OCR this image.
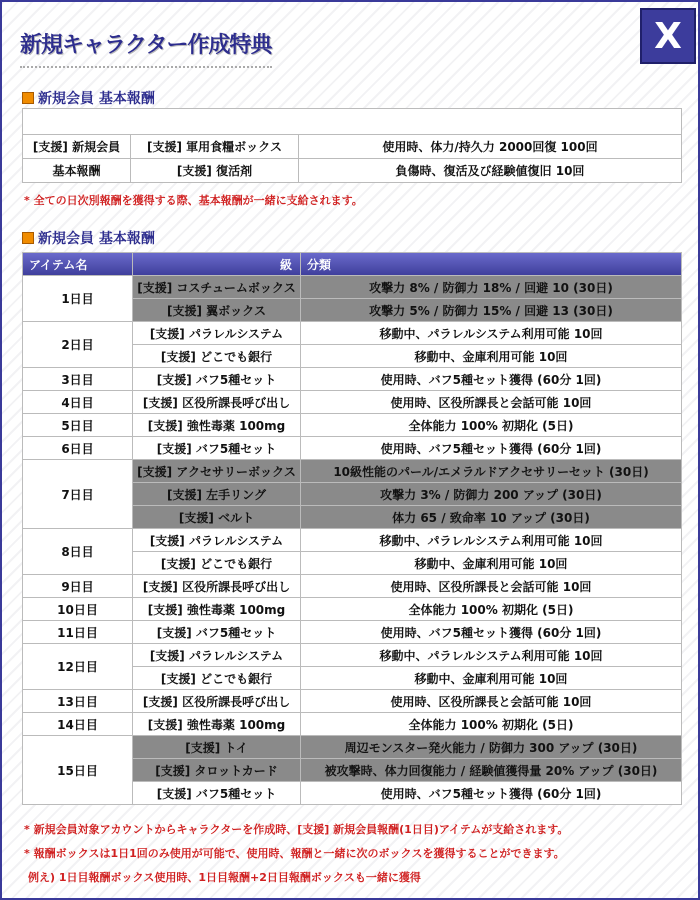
新規キャラクター作成特典	X
新規会員 基本報酬

[支援] 新規会員	[支援] 軍用食糧ボックス	使用時、体力/持久力 2000回復 100回
基本報酬	[支援] 復活剤	負傷時、復活及び経験値復旧 10回
* 全ての日次別報酬を獲得する際、基本報酬が一緒に支給されます。
新規会員 基本報酬
アイテム名	級	分類
1日目	[支援] コスチュームボックス	攻撃力 8% / 防御力 18% / 回避 10 (30日)
	[支援] 翼ボックス	攻撃力 5% / 防御力 15% / 回避 13 (30日)
2日目	[支援] パラレルシステム	移動中、パラレルシステム利用可能 10回
	[支援] どこでも銀行	移動中、金庫利用可能 10回
3日目	[支援] バフ5種セット	使用時、バフ5種セット獲得 (60分 1回)
4日目	[支援] 区役所課長呼び出し	使用時、区役所課長と会話可能 10回
5日目	[支援] 強性毒薬 100mg	全体能力 100% 初期化 (5日)
6日目	[支援] バフ5種セット	使用時、バフ5種セット獲得 (60分 1回)
7日目	[支援] アクセサリーボックス	10級性能のパール/エメラルドアクセサリーセット (30日)
	[支援] 左手リング	攻撃力 3% / 防御力 200 アップ (30日)
	[支援] ベルト	体力 65 / 致命率 10 アップ (30日)
8日目	[支援] パラレルシステム	移動中、パラレルシステム利用可能 10回
	[支援] どこでも銀行	移動中、金庫利用可能 10回
9日目	[支援] 区役所課長呼び出し	使用時、区役所課長と会話可能 10回
10日目	[支援] 強性毒薬 100mg	全体能力 100% 初期化 (5日)
11日目	[支援] バフ5種セット	使用時、バフ5種セット獲得 (60分 1回)
12日目	[支援] パラレルシステム	移動中、パラレルシステム利用可能 10回
	[支援] どこでも銀行	移動中、金庫利用可能 10回
13日目	[支援] 区役所課長呼び出し	使用時、区役所課長と会話可能 10回
14日目	[支援] 強性毒薬 100mg	全体能力 100% 初期化 (5日)
15日目	[支援] トイ	周辺モンスター発火能力 / 防御力 300 アップ (30日)
	[支援] タロットカード	被攻撃時、体力回復能力 / 経験値獲得量 20% アップ (30日)
	[支援] バフ5種セット	使用時、バフ5種セット獲得 (60分 1回)
* 新規会員対象アカウントからキャラクターを作成時、[支援] 新規会員報酬(1日目)アイテムが支給されます。
* 報酬ボックスは1日1回のみ使用が可能で、使用時、報酬と一緒に次のボックスを獲得することができます。
例え) 1日目報酬ボックス使用時、1日目報酬+2日目報酬ボックスも一緒に獲得
